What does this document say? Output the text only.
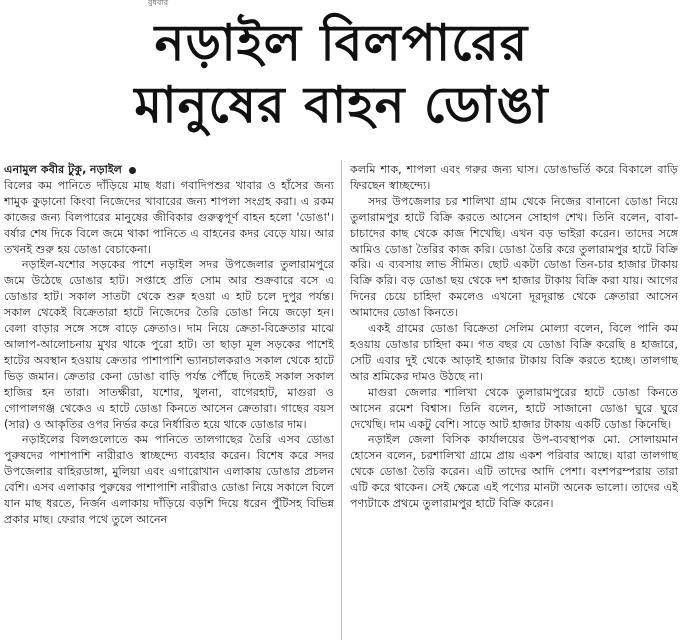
বুধবার
নড়াইল বিলপারের
মানুষের বাহন ডোঙা

এনামুল কবীর টুকু, নড়াইল

বিলের কম পানিতে দাঁড়িয়ে মাছ ধরা। গবাদিপশুর খাবার ও হাঁসের জন্য শামুক কুড়ানো কিংবা নিজেদের খাবারের জন্য শাপলা সংগ্রহ করা। এ রকম কাজের জন্য বিলপারের মানুষের জীবিকার গুরুত্বপূর্ণ বাহন হলো 'ডোঙা'। বর্ষার শেষ দিকে বিলে জমে থাকা পানিতে এ বাহনের কদর বেড়ে যায়। আর তখনই শুরু হয় ডোঙা বেচাকেনা।

নড়াইল-যশোর সড়কের পাশে নড়াইল সদর উপজেলার তুলারামপুরে জমে উঠেছে ডোঙার হাট। সপ্তাহে প্রতি সোম আর শুক্রবারে বসে এ ডোঙার হাট। সকাল সাতটা থেকে শুরু হওয়া এ হাট চলে দুপুর পর্যন্ত। সকাল থেকেই বিক্রেতারা হাটে নিজেদের তৈরি ডোঙা নিয়ে জড়ো হন। বেলা বাড়ার সঙ্গে সঙ্গে বাড়ে ক্রেতাও। দাম নিয়ে ক্রেতা-বিক্রেতার মাঝে আলাপ-আলোচনায় মুখর থাকে পুরো হাট। তা ছাড়া মূল সড়কের পাশেই হাটের অবস্থান হওয়ায় ক্রেতার পাশাপাশি ভ্যানচালকরাও সকাল থেকে হাটে ভিড় জমান। ক্রেতার কেনা ডোঙা বাড়ি পর্যন্ত পৌঁছে দিতেই সকাল সকাল হাজির হন তারা। সাতক্ষীরা, যশোর, খুলনা, বাগেরহাট, মাগুরা ও গোপালগঞ্জ থেকেও এ হাটে ডোঙা কিনতে আসেন ক্রেতারা। গাছের বয়স (সার) ও আকৃতির ওপর নির্ভর করে নির্ধারিত হয়ে থাকে ডোঙার দাম।

নড়াইলের বিলগুলোতে কম পানিতে তালগাছের তৈরি এসব ডোঙা পুরুষদের পাশাপাশি নারীরাও স্বাচ্ছন্দ্যে ব্যবহার করেন। বিশেষ করে সদর উপজেলার বাহিরডাঙ্গা, মুলিয়া এবং এগারোখান এলাকায় ডোঙার প্রচলন বেশি। এসব এলাকার পুরুষের পাশাপাশি নারীরাও ডোঙা নিয়ে সকালে বিলে যান মাছ ধরতে, নির্জন এলাকায় দাঁড়িয়ে বড়শি দিয়ে ধরেন পুঁটিসহ বিভিন্ন প্রকার মাছ। ফেরার পথে তুলে আনেন

কলমি শাক, শাপলা এবং গরুর জন্য ঘাস। ডোঙাভর্তি করে বিকালে বাড়ি ফিরছেন স্বাচ্ছন্দ্যে।

সদর উপজেলার চর শালিখা গ্রাম থেকে নিজের বানানো ডোঙা নিয়ে তুলারামপুর হাটে বিক্রি করতে আসেন সোহাগ শেখ। তিনি বলেন, বাবা-চাচাদের কাছ থেকে কাজ শিখেছি। এখন বড় ভাইরা করেন। তাদের সঙ্গে আমিও ডোঙা তৈরির কাজ করি। ডোঙা তৈরি করে তুলারামপুর হাটে বিক্রি করি। এ ব্যবসায় লাভ সীমিত। ছোট একটা ডোঙা তিন-চার হাজার টাকায় বিক্রি করি। বড় ডোঙা ছয় থেকে দশ হাজার টাকায় বিক্রি করা যায়। আগের দিনের চেয়ে চাহিদা কমলেও এখনো দূরদূরান্ত থেকে ক্রেতারা আসেন আমাদের ডোঙা কিনতে।

একই গ্রামের ডোঙা বিক্রেতা সেলিম মোল্যা বলেন, বিলে পানি কম হওয়ায় ডোঙার চাহিদা কম। গত বছর যে ডোঙা বিক্রি করেছি ৪ হাজারে, সেটি এবার দুই থেকে আড়াই হাজার টাকায় বিক্রি করতে হচ্ছে। তালগাছ আর শ্রমিকের দামও উঠছে না।

মাগুরা জেলার শালিখা থেকে তুলারামপুরের হাটে ডোঙা কিনতে আসেন রমেশ বিশ্বাস। তিনি বলেন, হাটে সাজানো ডোঙা ঘুরে ঘুরে দেখেছি। দাম একটু বেশি। সাড়ে আট হাজার টাকায় একটি ডোঙা কিনেছি।

নড়াইল জেলা বিসিক কার্যালয়ের উপ-ব্যবস্থাপক মো. সোলায়মান হোসেন বলেন, চরশালিখা গ্রামে প্রায় একশ পরিবার আছে। যারা তালগাছ থেকে ডোঙা তৈরি করেন। এটি তাদের আদি পেশা। বংশপরম্পরায় তারা এটি করে থাকেন। সেই ক্ষেত্রে এই পণ্যের মানটা অনেক ভালো। তাদের এই পণ্যটাকে প্রথমে তুলারামপুর হাটে বিক্রি করেন।
